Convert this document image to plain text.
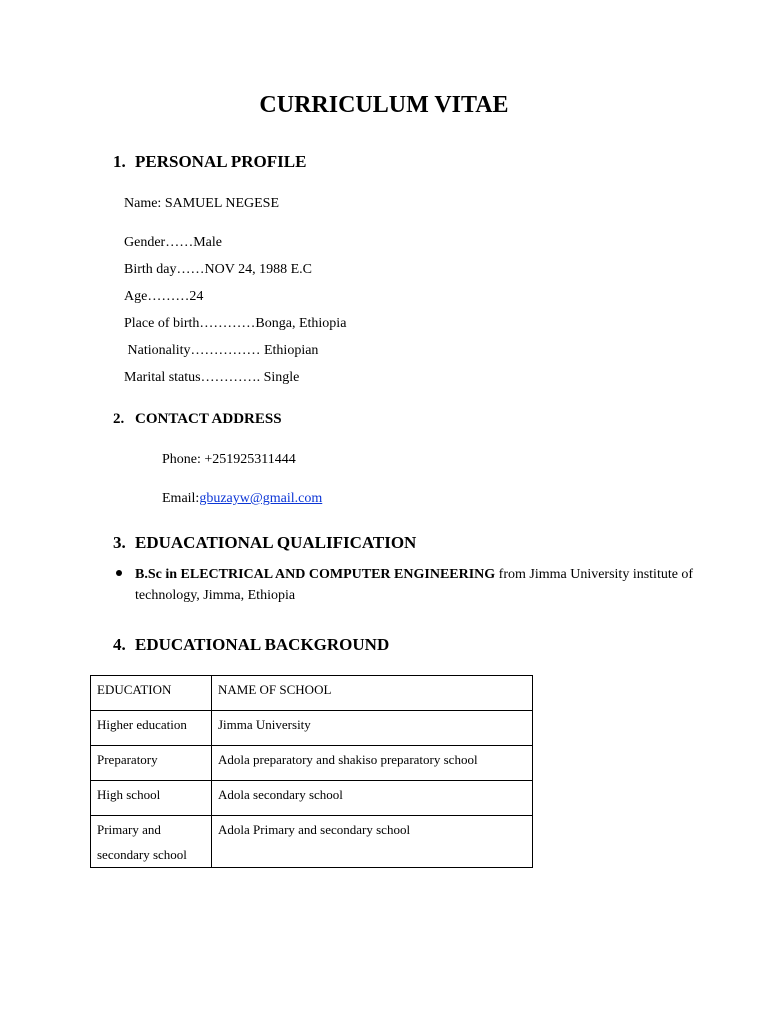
CURRICULUM VITAE
1. PERSONAL PROFILE
Name: SAMUEL NEGESE
Gender……Male
Birth day……NOV 24, 1988 E.C
Age………24
Place of birth…………Bonga, Ethiopia
Nationality…………… Ethiopian
Marital status…………. Single
2. CONTACT ADDRESS
Phone: +251925311444
Email:gbuzayw@gmail.com
3. EDUACATIONAL QUALIFICATION
B.Sc in ELECTRICAL AND COMPUTER ENGINEERING from Jimma University institute of technology, Jimma, Ethiopia
4. EDUCATIONAL BACKGROUND
EDUCATION	NAME OF SCHOOL
Higher education	Jimma University
Preparatory	Adola preparatory and shakiso preparatory school
High school	Adola secondary school
Primary and secondary school	Adola Primary and secondary school
